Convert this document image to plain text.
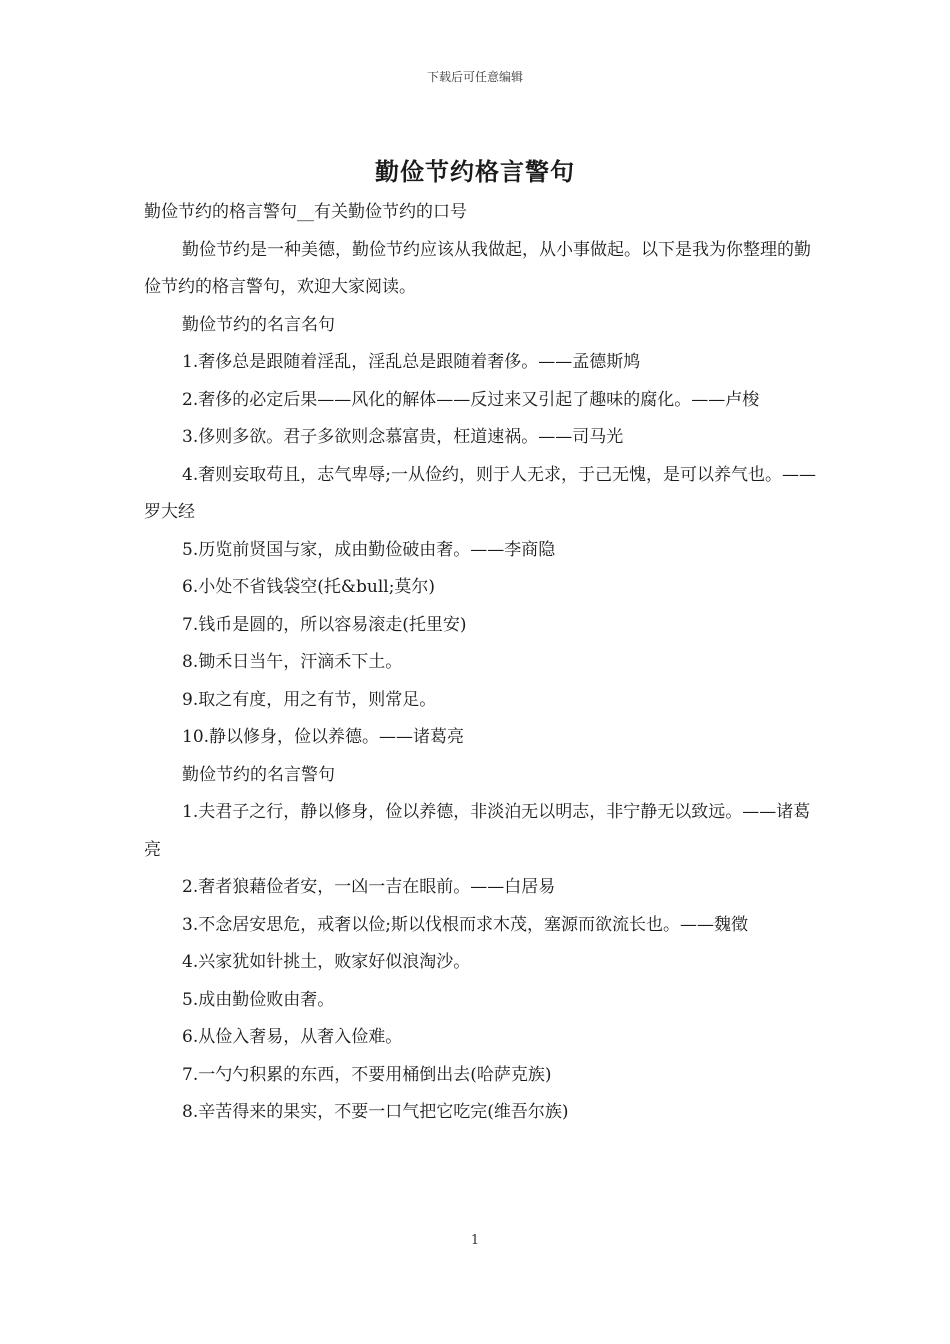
下载后可任意编辑
勤俭节约格言警句

勤俭节约的格言警句__有关勤俭节约的口号

勤俭节约是一种美德，勤俭节约应该从我做起，从小事做起。以下是我为你整理的勤俭节约的格言警句，欢迎大家阅读。

勤俭节约的名言名句

1.奢侈总是跟随着淫乱，淫乱总是跟随着奢侈。——孟德斯鸠

2.奢侈的必定后果——风化的解体——反过来又引起了趣味的腐化。——卢梭

3.侈则多欲。君子多欲则念慕富贵，枉道速祸。——司马光

4.奢则妄取苟且，志气卑辱;一从俭约，则于人无求，于己无愧，是可以养气也。——罗大经

5.历览前贤国与家，成由勤俭破由奢。——李商隐

6.小处不省钱袋空(托&bull;莫尔)

7.钱币是圆的，所以容易滚走(托里安)

8.锄禾日当午，汗滴禾下土。

9.取之有度，用之有节，则常足。

10.静以修身，俭以养德。——诸葛亮

勤俭节约的名言警句

1.夫君子之行，静以修身，俭以养德，非淡泊无以明志，非宁静无以致远。——诸葛亮

2.奢者狼藉俭者安，一凶一吉在眼前。——白居易

3.不念居安思危，戒奢以俭;斯以伐根而求木茂，塞源而欲流长也。——魏徵

4.兴家犹如针挑土，败家好似浪淘沙。

5.成由勤俭败由奢。

6.从俭入奢易，从奢入俭难。

7.一勺勺积累的东西，不要用桶倒出去(哈萨克族)

8.辛苦得来的果实，不要一口气把它吃完(维吾尔族)

1
